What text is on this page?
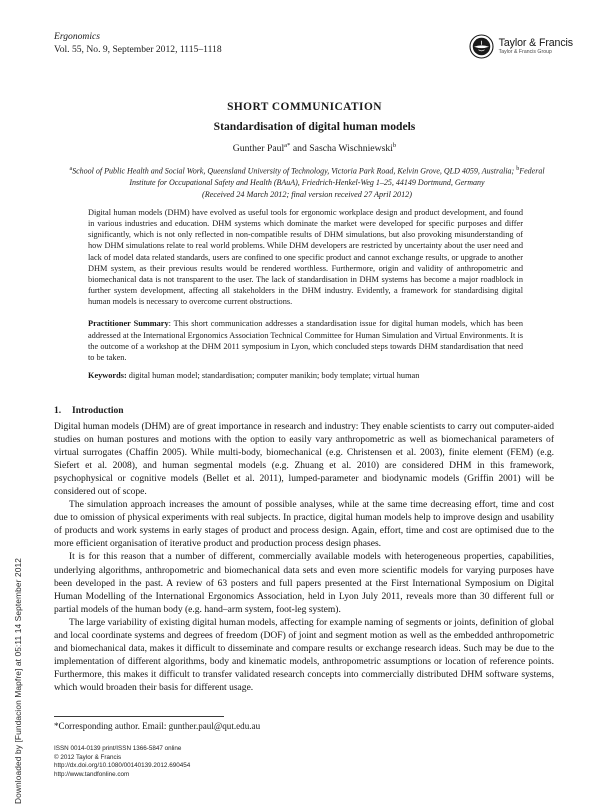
Downloaded by [Fundacion Mapfre] at 05:11 14 September 2012
Ergonomics
Vol. 55, No. 9, September 2012, 1115–1118
Taylor & Francis
Taylor & Francis Group
SHORT COMMUNICATION
Standardisation of digital human models
Gunther Paul$^{a*}$ and Sascha Wischniewski$^b$
$^a$School of Public Health and Social Work, Queensland University of Technology, Victoria Park Road, Kelvin Grove, QLD 4059, Australia; $^b$Federal Institute for Occupational Safety and Health (BAuA), Friedrich-Henkel-Weg 1–25, 44149 Dortmund, Germany
(Received 24 March 2012; final version received 27 April 2012)

Digital human models (DHM) have evolved as useful tools for ergonomic workplace design and product development, and found in various industries and education. DHM systems which dominate the market were developed for specific purposes and differ significantly, which is not only reflected in non-compatible results of DHM simulations, but also provoking misunderstanding of how DHM simulations relate to real world problems. While DHM developers are restricted by uncertainty about the user need and lack of model data related standards, users are confined to one specific product and cannot exchange results, or upgrade to another DHM system, as their previous results would be rendered worthless. Furthermore, origin and validity of anthropometric and biomechanical data is not transparent to the user. The lack of standardisation in DHM systems has become a major roadblock in further system development, affecting all stakeholders in the DHM industry. Evidently, a framework for standardising digital human models is necessary to overcome current obstructions.

Practitioner Summary: This short communication addresses a standardisation issue for digital human models, which has been addressed at the International Ergonomics Association Technical Committee for Human Simulation and Virtual Environments. It is the outcome of a workshop at the DHM 2011 symposium in Lyon, which concluded steps towards DHM standardisation that need to be taken.

Keywords: digital human model; standardisation; computer manikin; body template; virtual human
1. Introduction

Digital human models (DHM) are of great importance in research and industry: They enable scientists to carry out computer-aided studies on human postures and motions with the option to easily vary anthropometric as well as biomechanical parameters of virtual surrogates (Chaffin 2005). While multi-body, biomechanical (e.g. Christensen et al. 2003), finite element (FEM) (e.g. Siefert et al. 2008), and human segmental models (e.g. Zhuang et al. 2010) are considered DHM in this framework, psychophysical or cognitive models (Bellet et al. 2011), lumped-parameter and biodynamic models (Griffin 2001) will be considered out of scope.

The simulation approach increases the amount of possible analyses, while at the same time decreasing effort, time and cost due to omission of physical experiments with real subjects. In practice, digital human models help to improve design and usability of products and work systems in early stages of product and process design. Again, effort, time and cost are optimised due to the more efficient organisation of iterative product and production process design phases.

It is for this reason that a number of different, commercially available models with heterogeneous properties, capabilities, underlying algorithms, anthropometric and biomechanical data sets and even more scientific models for varying purposes have been developed in the past. A review of 63 posters and full papers presented at the First International Symposium on Digital Human Modelling of the International Ergonomics Association, held in Lyon July 2011, reveals more than 30 different full or partial models of the human body (e.g. hand–arm system, foot-leg system).

The large variability of existing digital human models, affecting for example naming of segments or joints, definition of global and local coordinate systems and degrees of freedom (DOF) of joint and segment motion as well as the embedded anthropometric and biomechanical data, makes it difficult to disseminate and compare results or exchange research ideas. Such may be due to the implementation of different algorithms, body and kinematic models, anthropometric assumptions or location of reference points. Furthermore, this makes it difficult to transfer validated research concepts into commercially distributed DHM software systems, which would broaden their basis for different usage.

*Corresponding author. Email: gunther.paul@qut.edu.au
ISSN 0014-0139 print/ISSN 1366-5847 online
© 2012 Taylor & Francis
http://dx.doi.org/10.1080/00140139.2012.690454
http://www.tandfonline.com
